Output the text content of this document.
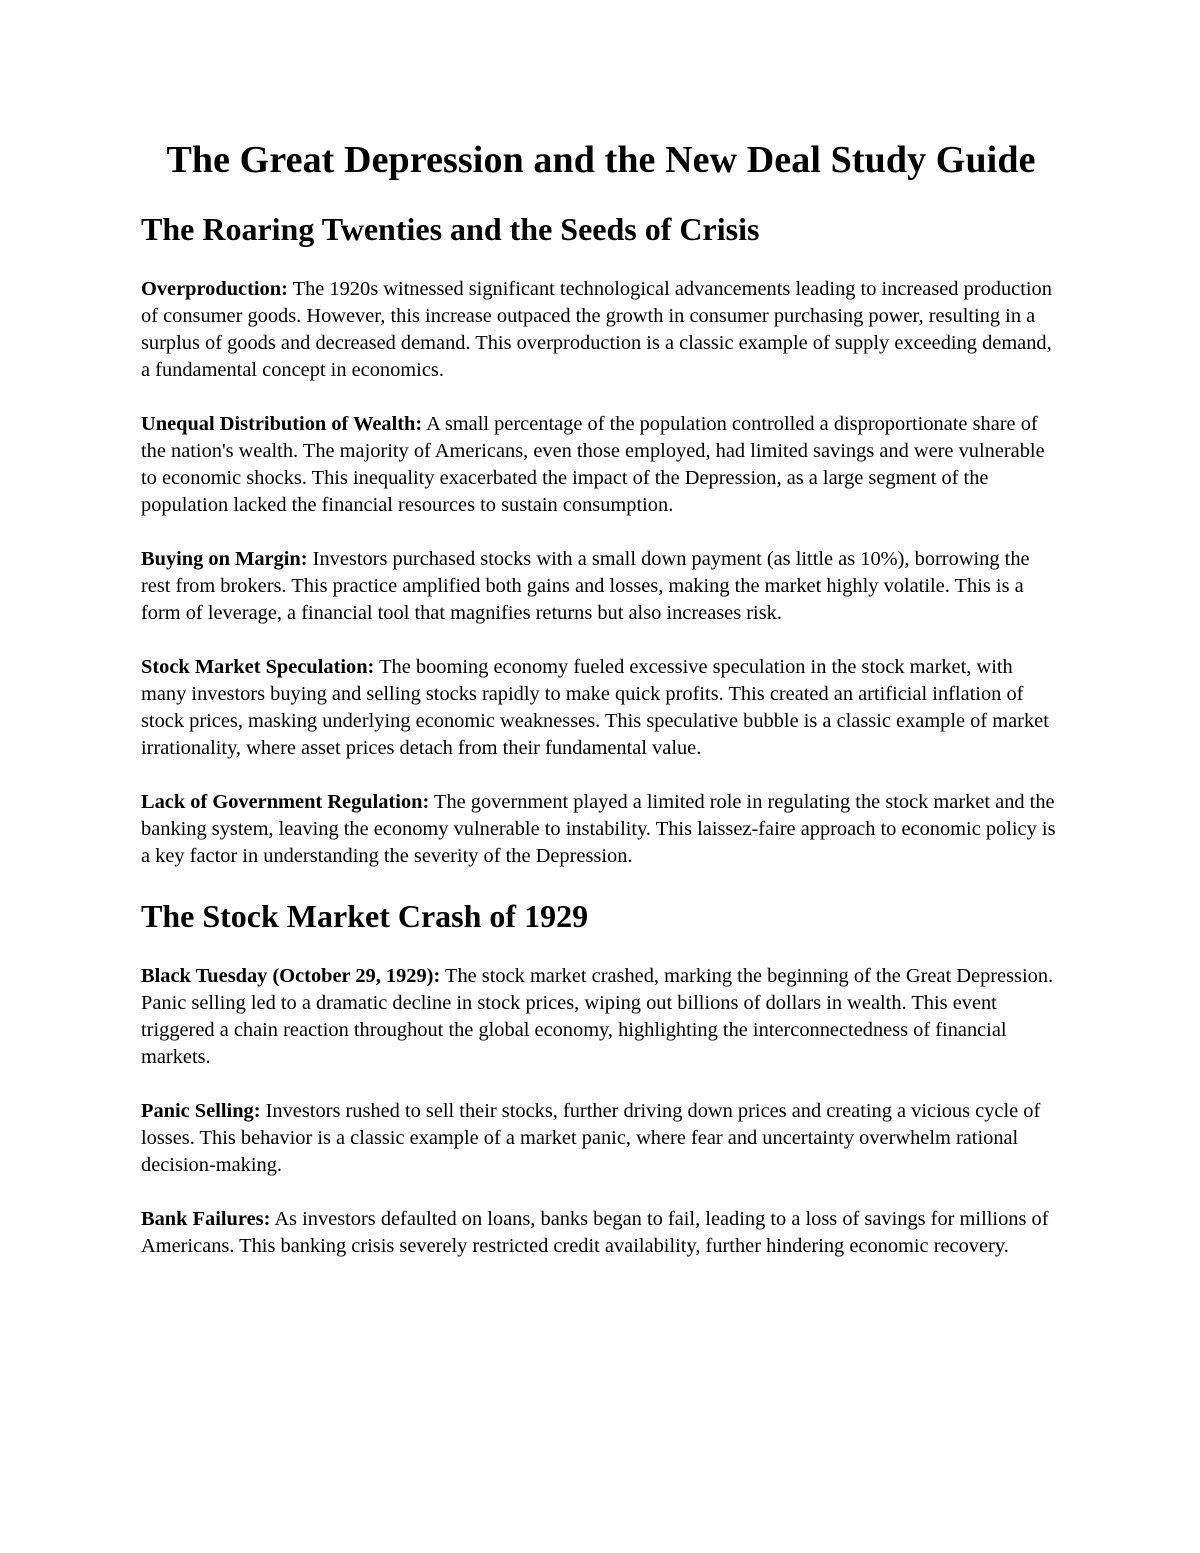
The Great Depression and the New Deal Study Guide
The Roaring Twenties and the Seeds of Crisis

Overproduction: The 1920s witnessed significant technological advancements leading to increased production of consumer goods. However, this increase outpaced the growth in consumer purchasing power, resulting in a surplus of goods and decreased demand. This overproduction is a classic example of supply exceeding demand, a fundamental concept in economics.

Unequal Distribution of Wealth: A small percentage of the population controlled a disproportionate share of the nation's wealth. The majority of Americans, even those employed, had limited savings and were vulnerable to economic shocks. This inequality exacerbated the impact of the Depression, as a large segment of the population lacked the financial resources to sustain consumption.

Buying on Margin: Investors purchased stocks with a small down payment (as little as 10%), borrowing the rest from brokers. This practice amplified both gains and losses, making the market highly volatile. This is a form of leverage, a financial tool that magnifies returns but also increases risk.

Stock Market Speculation: The booming economy fueled excessive speculation in the stock market, with many investors buying and selling stocks rapidly to make quick profits. This created an artificial inflation of stock prices, masking underlying economic weaknesses. This speculative bubble is a classic example of market irrationality, where asset prices detach from their fundamental value.

Lack of Government Regulation: The government played a limited role in regulating the stock market and the banking system, leaving the economy vulnerable to instability. This laissez-faire approach to economic policy is a key factor in understanding the severity of the Depression.

The Stock Market Crash of 1929

Black Tuesday (October 29, 1929): The stock market crashed, marking the beginning of the Great Depression. Panic selling led to a dramatic decline in stock prices, wiping out billions of dollars in wealth. This event triggered a chain reaction throughout the global economy, highlighting the interconnectedness of financial markets.

Panic Selling: Investors rushed to sell their stocks, further driving down prices and creating a vicious cycle of losses. This behavior is a classic example of a market panic, where fear and uncertainty overwhelm rational decision-making.

Bank Failures: As investors defaulted on loans, banks began to fail, leading to a loss of savings for millions of Americans. This banking crisis severely restricted credit availability, further hindering economic recovery.
